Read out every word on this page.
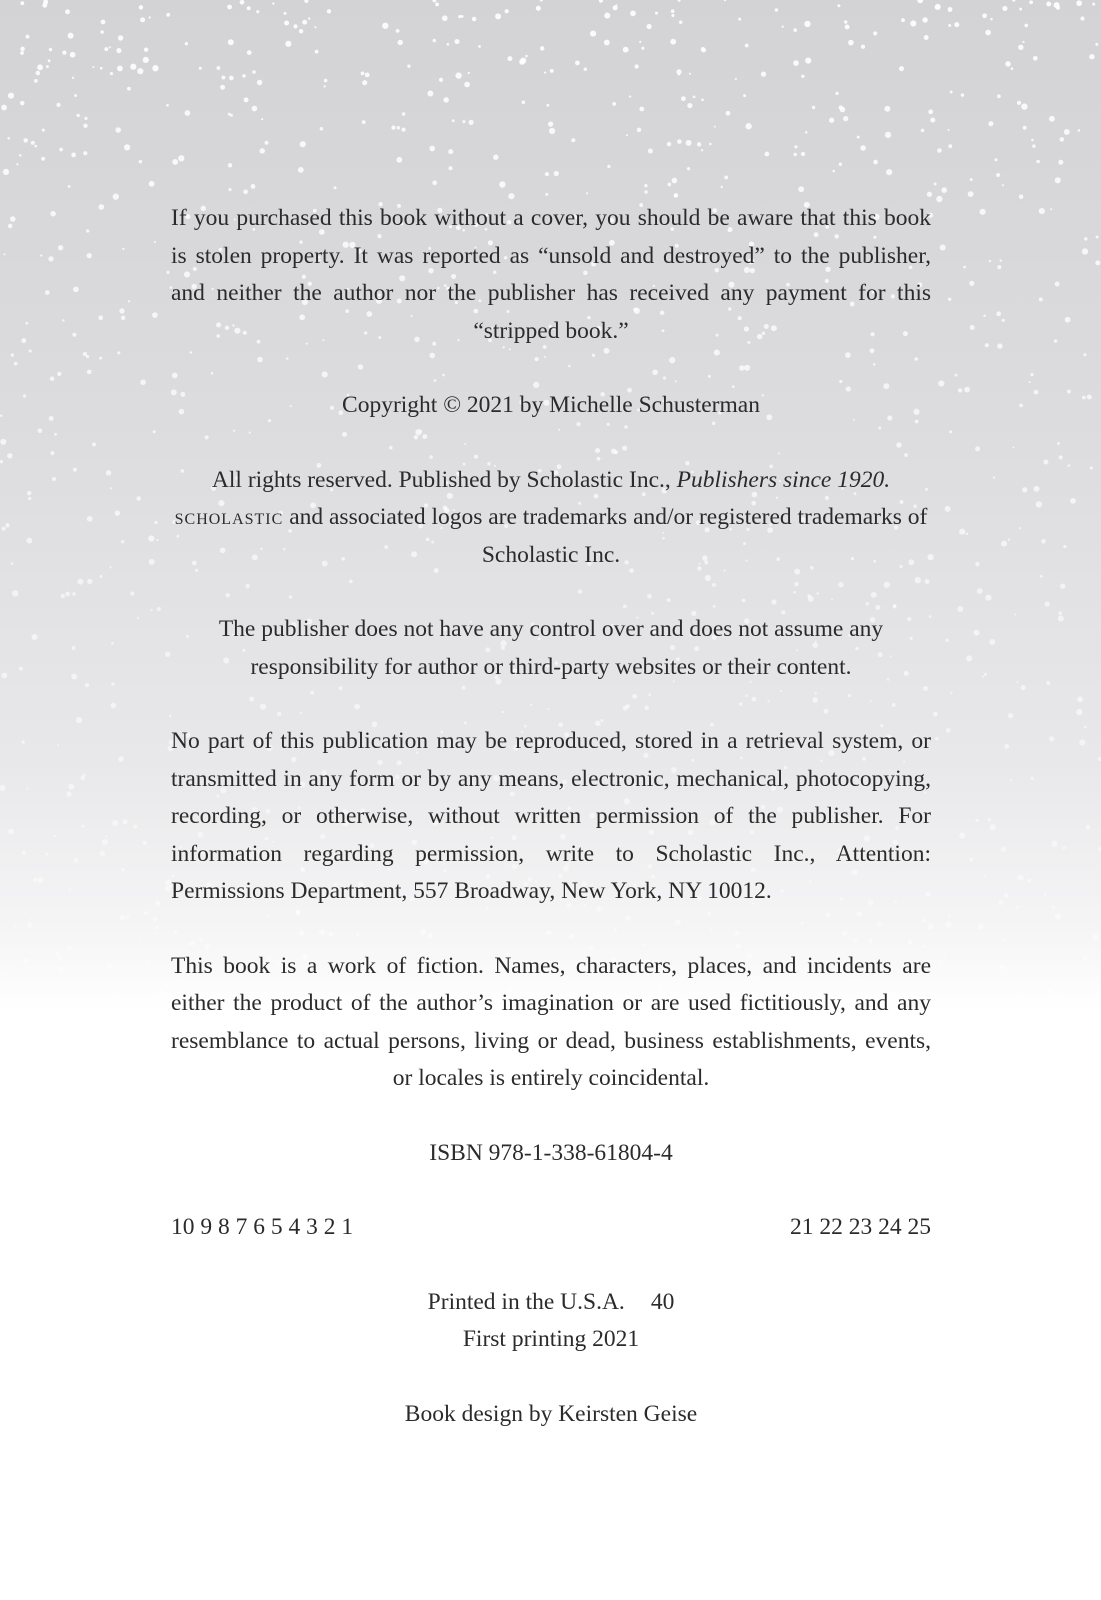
If you purchased this book without a cover, you should be aware that this book is stolen property. It was reported as “unsold and destroyed” to the publisher, and neither the author nor the publisher has received any payment for this “stripped book.”

Copyright © 2021 by Michelle Schusterman

All rights reserved. Published by Scholastic Inc., Publishers since 1920.
scholastic and associated logos are trademarks and/or registered trademarks of Scholastic Inc.

The publisher does not have any control over and does not assume any responsibility for author or third-party websites or their content.

No part of this publication may be reproduced, stored in a retrieval system, or transmitted in any form or by any means, electronic, mechanical, photocopying, recording, or otherwise, without written permission of the publisher. For information regarding permission, write to Scholastic Inc., Attention: Permissions Department, 557 Broadway, New York, NY 10012.

This book is a work of fiction. Names, characters, places, and incidents are either the product of the author’s imagination or are used fictitiously, and any resemblance to actual persons, living or dead, business establishments, events, or locales is entirely coincidental.

ISBN 978-1-338-61804-4

10 9 8 7 6 5 4 3 2 1	21 22 23 24 25

Printed in the U.S.A. 40

First printing 2021

Book design by Keirsten Geise
